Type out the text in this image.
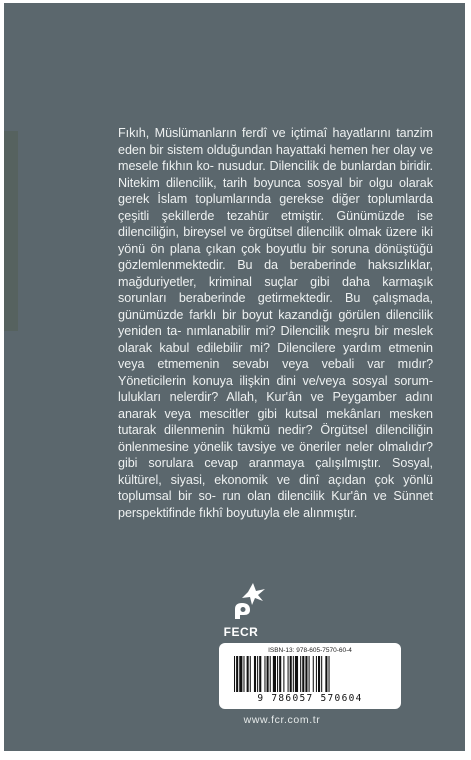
Fıkıh, Müslümanların ferdî ve içtimaî hayatlarını tanzim eden bir sistem olduğundan hayattaki hemen her olay ve mesele fıkhın ko- nusudur. Dilencilik de bunlardan biridir. Nitekim dilencilik, tarih boyunca sosyal bir olgu olarak gerek İslam toplumlarında gerekse diğer toplumlarda çeşitli şekillerde tezahür etmiştir. Günümüzde ise dilenciliğin, bireysel ve örgütsel dilencilik olmak üzere iki yönü ön plana çıkan çok boyutlu bir soruna dönüştüğü gözlemlenmektedir. Bu da beraberinde haksızlıklar, mağduriyetler, kriminal suçlar gibi daha karmaşık sorunları beraberinde getirmektedir. Bu çalışmada, günümüzde farklı bir boyut kazandığı görülen dilencilik yeniden ta- nımlanabilir mi? Dilencilik meşru bir meslek olarak kabul edilebilir mi? Dilencilere yardım etmenin veya etmemenin sevabı veya vebali var mıdır? Yöneticilerin konuya ilişkin dini ve/veya sosyal sorum- lulukları nelerdir? Allah, Kur'ân ve Peygamber adını anarak veya mescitler gibi kutsal mekânları mesken tutarak dilenmenin hükmü nedir? Örgütsel dilenciliğin önlenmesine yönelik tavsiye ve öneriler neler olmalıdır? gibi sorulara cevap aranmaya çalışılmıştır. Sosyal, kültürel, siyasi, ekonomik ve dinî açıdan çok yönlü toplumsal bir so- run olan dilencilik Kur'ân ve Sünnet perspektifinde fıkhî boyutuyla ele alınmıştır.
FECR
ISBN-13: 978-605-7570-60-4
9 786057 570604
www.fcr.com.tr
